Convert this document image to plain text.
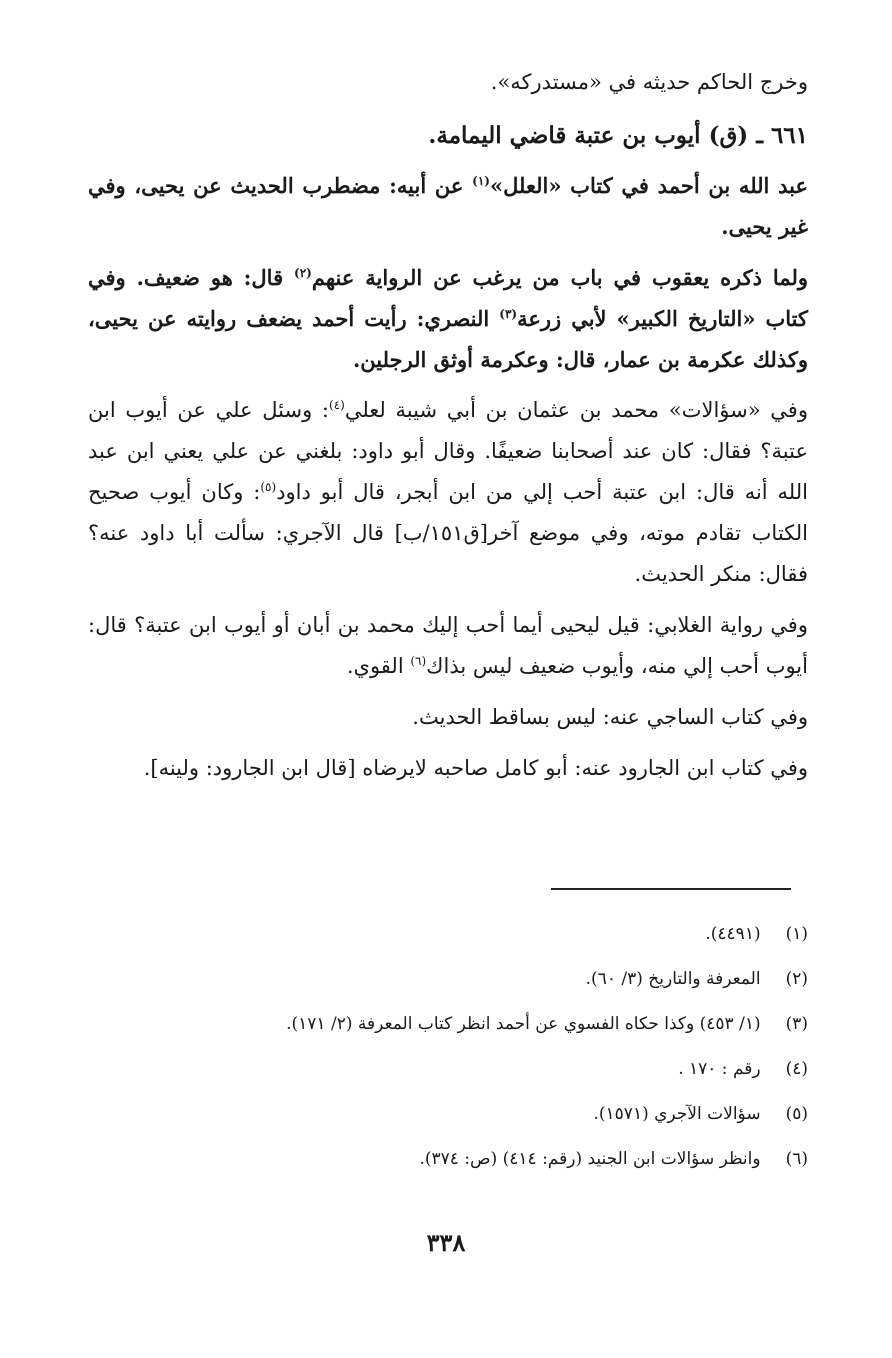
وخرج الحاكم حديثه في «مستدركه».

٦٦١ ـ (ق) أيوب بن عتبة قاضي اليمامة.

عبد الله بن أحمد في كتاب «العلل»$^{(١)}$ عن أبيه: مضطرب الحديث عن يحيى، وفي غير يحيى.

ولما ذكره يعقوب في باب من يرغب عن الرواية عنهم$^{(٢)}$ قال: هو ضعيف. وفي كتاب «التاريخ الكبير» لأبي زرعة$^{(٣)}$ النصري: رأيت أحمد يضعف روايته عن يحيى، وكذلك عكرمة بن عمار، قال: وعكرمة أوثق الرجلين.

وفي «سؤالات» محمد بن عثمان بن أبي شيبة لعلي$^{(٤)}$: وسئل علي عن أيوب ابن عتبة؟ فقال: كان عند أصحابنا ضعيفًا. وقال أبو داود: بلغني عن علي يعني ابن عبد الله أنه قال: ابن عتبة أحب إلي من ابن أبجر، قال أبو داود$^{(٥)}$: وكان أيوب صحيح الكتاب تقادم موته، وفي موضع آخر[ق١٥١/ب] قال الآجري: سألت أبا داود عنه؟ فقال: منكر الحديث.

وفي رواية الغلابي: قيل ليحيى أيما أحب إليك محمد بن أبان أو أيوب ابن عتبة؟ قال: أيوب أحب إلي منه، وأيوب ضعيف ليس بذاك$^{(٦)}$ القوي.

وفي كتاب الساجي عنه: ليس بساقط الحديث.

وفي كتاب ابن الجارود عنه: أبو كامل صاحبه لايرضاه [قال ابن الجارود: ولينه].

(١) (٤٤٩١).
(٢) المعرفة والتاريخ (٣/ ٦٠).
(٣) (١/ ٤٥٣) وكذا حكاه الفسوي عن أحمد انظر كتاب المعرفة (٢/ ١٧١).
(٤) رقم : ١٧٠ .
(٥) سؤالات الآجري (١٥٧١).
(٦) وانظر سؤالات ابن الجنيد (رقم: ٤١٤) (ص: ٣٧٤).
٣٣٨
